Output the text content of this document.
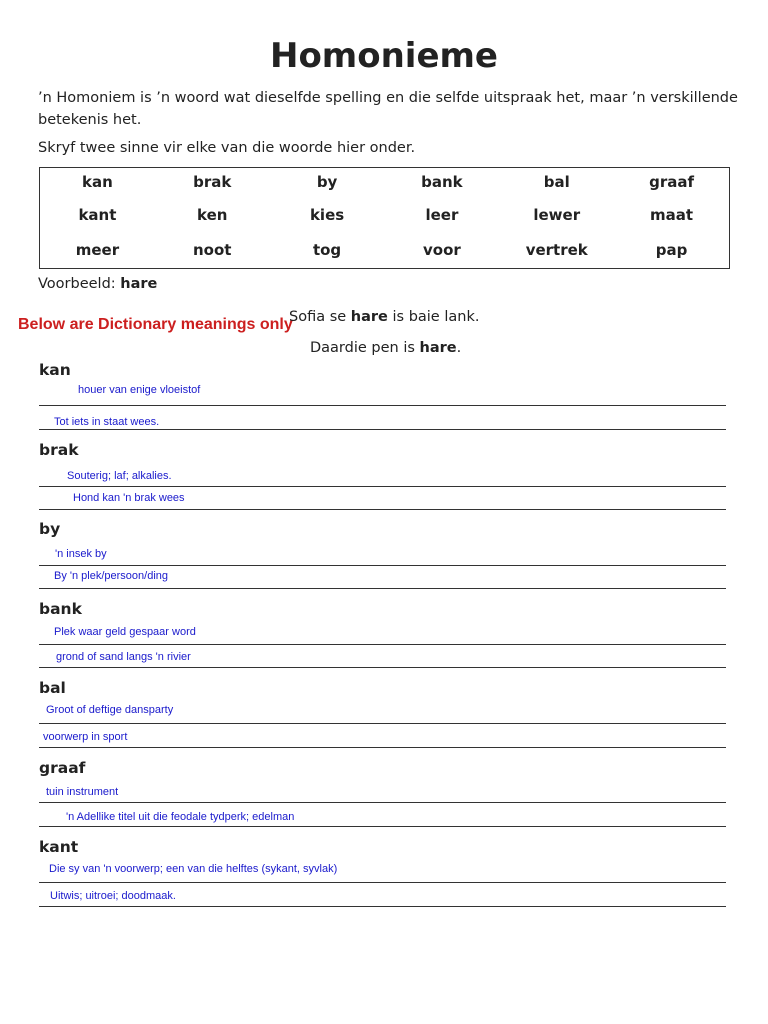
Homonieme
’n Homoniem is ’n woord wat dieselfde spelling en die selfde uitspraak het, maar ’n verskillende betekenis het.
Skryf twee sinne vir elke van die woorde hier onder.
kan	brak	by	bank	bal	graaf
kant	ken	kies	leer	lewer	maat
meer	noot	tog	voor	vertrek	pap
Voorbeeld: hare
Below are Dictionary meanings only
Sofia se hare is baie lank.
Daardie pen is hare.
kan
houer van enige vloeistof
Tot iets in staat wees.
brak
Souterig; laf; alkalies.
Hond kan 'n brak wees
by
'n insek by
By 'n plek/persoon/ding
bank
Plek waar geld gespaar word
grond of sand langs 'n rivier
bal
Groot of deftige dansparty
voorwerp in sport
graaf
tuin instrument
'n Adellike titel uit die feodale tydperk; edelman
kant
Die sy van 'n voorwerp; een van die helftes (sykant, syvlak)
Uitwis; uitroei; doodmaak.
